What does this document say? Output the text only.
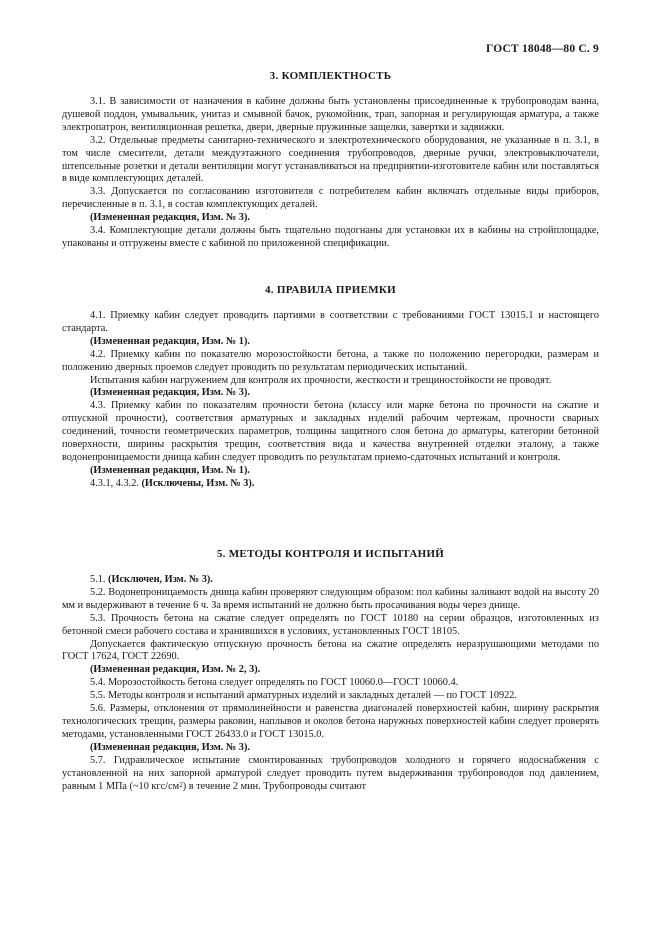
ГОСТ 18048—80 С. 9
3. КОМПЛЕКТНОСТЬ

3.1. В зависимости от назначения в кабине должны быть установлены присоединенные к трубопроводам ванна, душевой поддон, умывальник, унитаз и смывной бачок, рукомойник, трап, запорная и регулирующая арматура, а также электропатрон, вентиляционная решетка, двери, дверные пружинные защелки, завертки и задвижки.

3.2. Отдельные предметы санитарно-технического и электротехнического оборудования, не указанные в п. 3.1, в том числе смесители, детали междуэтажного соединения трубопроводов, дверные ручки, электровыключатели, штепсельные розетки и детали вентиляции могут устанавливаться на предприятии-изготовителе кабин или поставляться в виде комплектующих деталей.

3.3. Допускается по согласованию изготовителя с потребителем кабин включать отдельные виды приборов, перечисленные в п. 3.1, в состав комплектующих деталей.

(Измененная редакция, Изм. № 3).

3.4. Комплектующие детали должны быть тщательно подогнаны для установки их в кабины на стройплощадке, упакованы и отгружены вместе с кабиной по приложенной спецификации.

4. ПРАВИЛА ПРИЕМКИ

4.1. Приемку кабин следует проводить партиями в соответствии с требованиями ГОСТ 13015.1 и настоящего стандарта.

(Измененная редакция, Изм. № 1).

4.2. Приемку кабин по показателю морозостойкости бетона, а также по положению перегородки, размерам и положению дверных проемов следует проводить по результатам периодических испытаний.

Испытания кабин нагружением для контроля их прочности, жесткости и трещиностойкости не проводят.

(Измененная редакция, Изм. № 3).

4.3. Приемку кабин по показателям прочности бетона (классу или марке бетона по прочности на сжатие и отпускной прочности), соответствия арматурных и закладных изделий рабочим чертежам, прочности сварных соединений, точности геометрических параметров, толщины защитного слоя бетона до арматуры, категории бетонной поверхности, ширины раскрытия трещин, соответствия вида и качества внутренней отделки эталону, а также водонепроницаемости днища кабин следует проводить по результатам приемо-сдаточных испытаний и контроля.

(Измененная редакция, Изм. № 1).

4.3.1, 4.3.2. (Исключены, Изм. № 3).

5. МЕТОДЫ КОНТРОЛЯ И ИСПЫТАНИЙ

5.1. (Исключен, Изм. № 3).

5.2. Водонепроницаемость днища кабин проверяют следующим образом: пол кабины заливают водой на высоту 20 мм и выдерживают в течение 6 ч. За время испытаний не должно быть просачивания воды через днище.

5.3. Прочность бетона на сжатие следует определять по ГОСТ 10180 на серии образцов, изготовленных из бетонной смеси рабочего состава и хранившихся в условиях, установленных ГОСТ 18105.

Допускается фактическую отпускную прочность бетона на сжатие определять неразрушающими методами по ГОСТ 17624, ГОСТ 22690.

(Измененная редакция, Изм. № 2, 3).

5.4. Морозостойкость бетона следует определять по ГОСТ 10060.0—ГОСТ 10060.4.

5.5. Методы контроля и испытаний арматурных изделий и закладных деталей — по ГОСТ 10922.

5.6. Размеры, отклонения от прямолинейности и равенства диагоналей поверхностей кабин, ширину раскрытия технологических трещин, размеры раковин, наплывов и околов бетона наружных поверхностей кабин следует проверять методами, установленными ГОСТ 26433.0 и ГОСТ 13015.0.

(Измененная редакция, Изм. № 3).

5.7. Гидравлическое испытание смонтированных трубопроводов холодного и горячего водоснабжения с установленной на них запорной арматурой следует проводить путем выдерживания трубопроводов под давлением, равным 1 МПа (~10 кгс/$см^2$) в течение 2 мин. Трубопроводы считают
